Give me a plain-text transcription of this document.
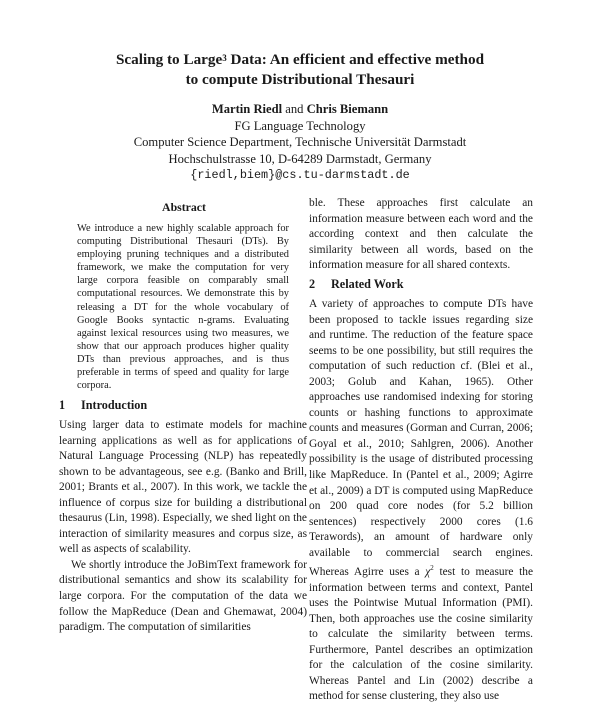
Scaling to Large$^3$ Data: An efficient and effective method
to compute Distributional Thesauri
Martin Riedl and Chris Biemann
FG Language Technology
Computer Science Department, Technische Universität Darmstadt
Hochschulstrasse 10, D-64289 Darmstadt, Germany
{riedl,biem}@cs.tu-darmstadt.de
Abstract

We introduce a new highly scalable approach for computing Distributional Thesauri (DTs). By employing pruning techniques and a distributed framework, we make the computation for very large corpora feasible on comparably small computational resources. We demonstrate this by releasing a DT for the whole vocabulary of Google Books syntactic n-grams. Evaluating against lexical resources using two measures, we show that our approach produces higher quality DTs than previous approaches, and is thus preferable in terms of speed and quality for large corpora.

1 Introduction

Using larger data to estimate models for machine learning applications as well as for applications of Natural Language Processing (NLP) has repeatedly shown to be advantageous, see e.g. (Banko and Brill, 2001; Brants et al., 2007). In this work, we tackle the influence of corpus size for building a distributional thesaurus (Lin, 1998). Especially, we shed light on the interaction of similarity measures and corpus size, as well as aspects of scalability.

We shortly introduce the JoBimText framework for distributional semantics and show its scalability for large corpora. For the computation of the data we follow the MapReduce (Dean and Ghemawat, 2004) paradigm. The computation of similarities

ble. These approaches first calculate an information measure between each word and the according context and then calculate the similarity between all words, based on the information measure for all shared contexts.

2 Related Work

A variety of approaches to compute DTs have been proposed to tackle issues regarding size and runtime. The reduction of the feature space seems to be one possibility, but still requires the computation of such reduction cf. (Blei et al., 2003; Golub and Kahan, 1965). Other approaches use randomised indexing for storing counts or hashing functions to approximate counts and measures (Gorman and Curran, 2006; Goyal et al., 2010; Sahlgren, 2006). Another possibility is the usage of distributed processing like MapReduce. In (Pantel et al., 2009; Agirre et al., 2009) a DT is computed using MapReduce on 200 quad core nodes (for 5.2 billion sentences) respectively 2000 cores (1.6 Terawords), an amount of hardware only available to commercial search engines. Whereas Agirre uses a $\chi^2$ test to measure the information between terms and context, Pantel uses the Pointwise Mutual Information (PMI). Then, both approaches use the cosine similarity to calculate the similarity between terms. Furthermore, Pantel describes an optimization for the calculation of the cosine similarity. Whereas Pantel and Lin (2002) describe a method for sense clustering, they also use
